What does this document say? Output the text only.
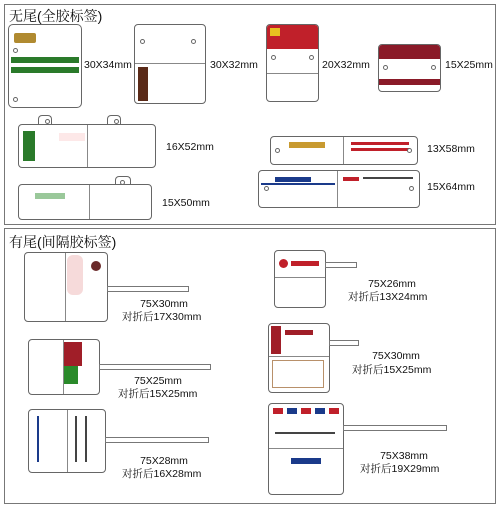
无尾(全胶标签)
30X34mm	30X32mm	20X32mm	15X25mm
16X52mm	13X58mm
15X50mm
15X64mm
有尾(间隔胶标签)
75X30mm
对折后17X30mm
75X25mm
对折后15X25mm
75X28mm
对折后16X28mm
75X26mm
对折后13X24mm
75X30mm
对折后15X25mm
75X38mm
对折后19X29mm
